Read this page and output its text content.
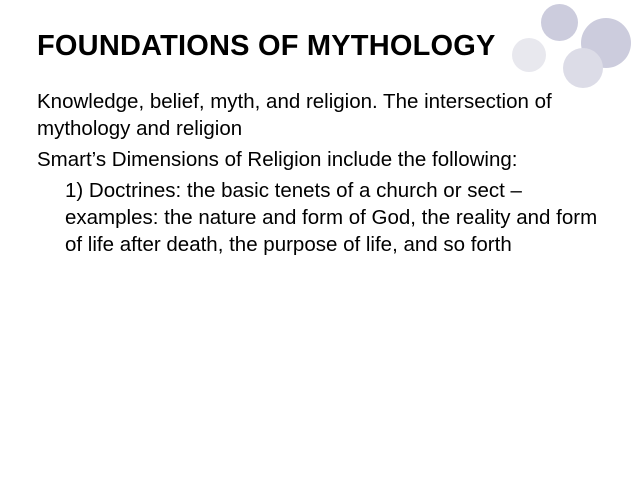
FOUNDATIONS OF MYTHOLOGY

Knowledge, belief, myth, and religion. The intersection of mythology and religion

Smart’s Dimensions of Religion include the following:

1) Doctrines: the basic tenets of a church or sect – examples: the nature and form of God, the reality and form of life after death, the purpose of life, and so forth
